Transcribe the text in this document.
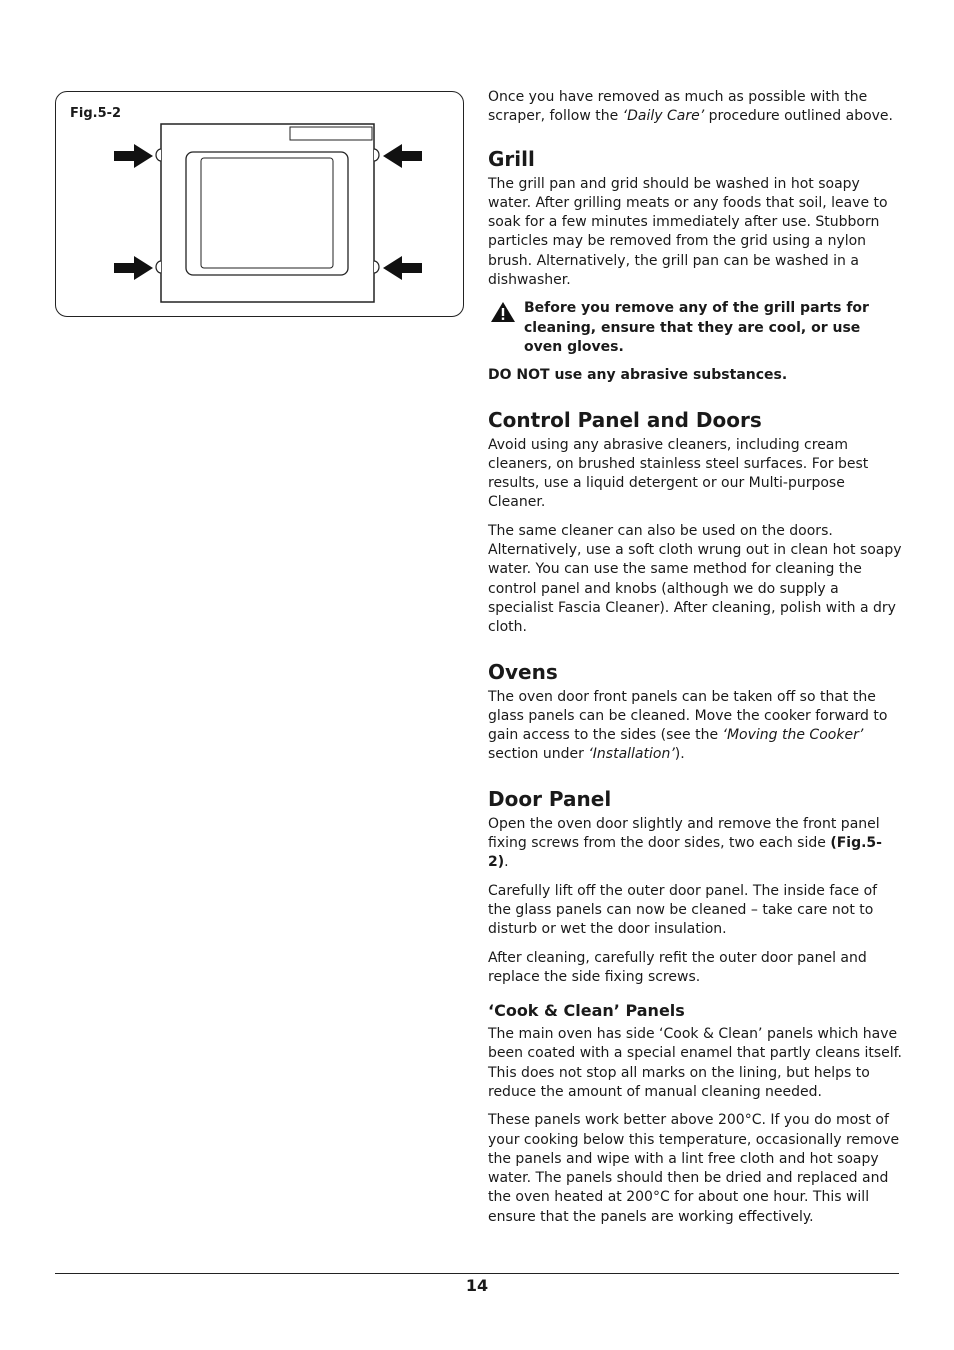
Fig.5-2

Once you have removed as much as possible with the scraper, follow the ‘Daily Care’ procedure outlined above.

Grill

The grill pan and grid should be washed in hot soapy water. After grilling meats or any foods that soil, leave to soak for a few minutes immediately after use. Stubborn particles may be removed from the grid using a nylon brush. Alternatively, the grill pan can be washed in a dishwasher.

Before you remove any of the grill parts for cleaning, ensure that they are cool, or use oven gloves.

DO NOT use any abrasive substances.

Control Panel and Doors

Avoid using any abrasive cleaners, including cream cleaners, on brushed stainless steel surfaces. For best results, use a liquid detergent or our Multi-purpose Cleaner.

The same cleaner can also be used on the doors. Alternatively, use a soft cloth wrung out in clean hot soapy water. You can use the same method for cleaning the control panel and knobs (although we do supply a specialist Fascia Cleaner). After cleaning, polish with a dry cloth.

Ovens

The oven door front panels can be taken off so that the glass panels can be cleaned. Move the cooker forward to gain access to the sides (see the ‘Moving the Cooker’ section under ‘Installation’).

Door Panel

Open the oven door slightly and remove the front panel fixing screws from the door sides, two each side (Fig.5-2).

Carefully lift off the outer door panel. The inside face of the glass panels can now be cleaned – take care not to disturb or wet the door insulation.

After cleaning, carefully refit the outer door panel and replace the side fixing screws.

‘Cook & Clean’ Panels

The main oven has side ‘Cook & Clean’ panels which have been coated with a special enamel that partly cleans itself. This does not stop all marks on the lining, but helps to reduce the amount of manual cleaning needed.

These panels work better above 200°C. If you do most of your cooking below this temperature, occasionally remove the panels and wipe with a lint free cloth and hot soapy water. The panels should then be dried and replaced and the oven heated at 200°C for about one hour. This will ensure that the panels are working effectively.

14
